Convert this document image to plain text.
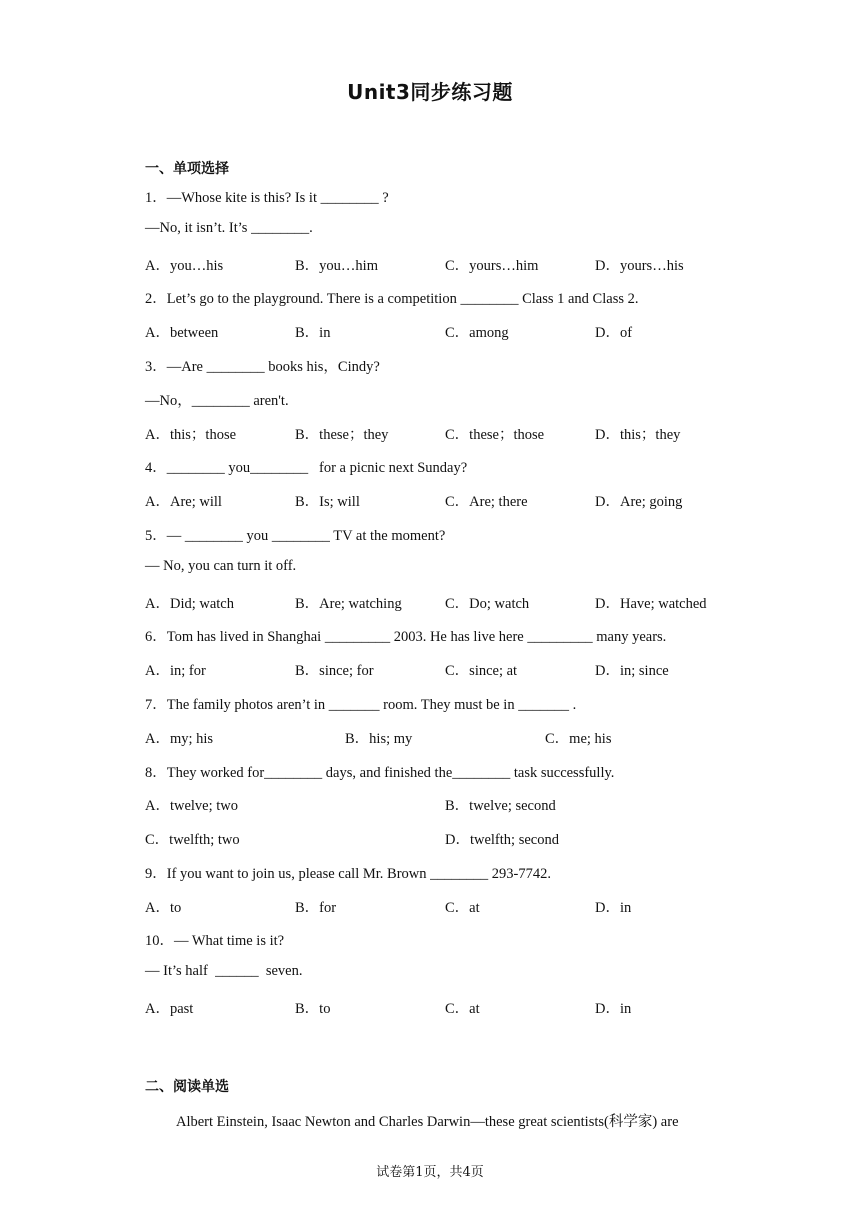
Unit3同步练习题
一、单项选择
1．—Whose kite is this? Is it ________ ?
—No, it isn’t. It’s ________.
A．you…his	B．you…him	C．yours…him	D．yours…his
2．Let’s go to the playground. There is a competition ________ Class 1 and Class 2.
A．between	B．in	C．among	D．of
3．—Are ________ books his，Cindy?
—No，________ aren't.
A．this；those	B．these；they	C．these；those	D．this；they
4．________ you________   for a picnic next Sunday?
A．Are; will	B．Is; will	C．Are; there	D．Are; going
5．— ________ you ________ TV at the moment?
— No, you can turn it off.
A．Did; watch	B．Are; watching	C．Do; watch	D．Have; watched
6．Tom has lived in Shanghai _________ 2003. He has live here _________ many years.
A．in; for	B．since; for	C．since; at	D．in; since
7．The family photos aren’t in _______ room. They must be in _______ .
A．my; his	B．his; my	C．me; his
8．They worked for________ days, and finished the________ task successfully.
A．twelve; two	B．twelve; second
C．twelfth; two	D．twelfth; second
9．If you want to join us, please call Mr. Brown ________ 293-7742.
A．to	B．for	C．at	D．in
10．— What time is it?
— It’s half  ______  seven.
A．past	B．to	C．at	D．in
二、阅读单选
Albert Einstein, Isaac Newton and Charles Darwin—these great scientists(科学家) are
试卷第1页，共4页
